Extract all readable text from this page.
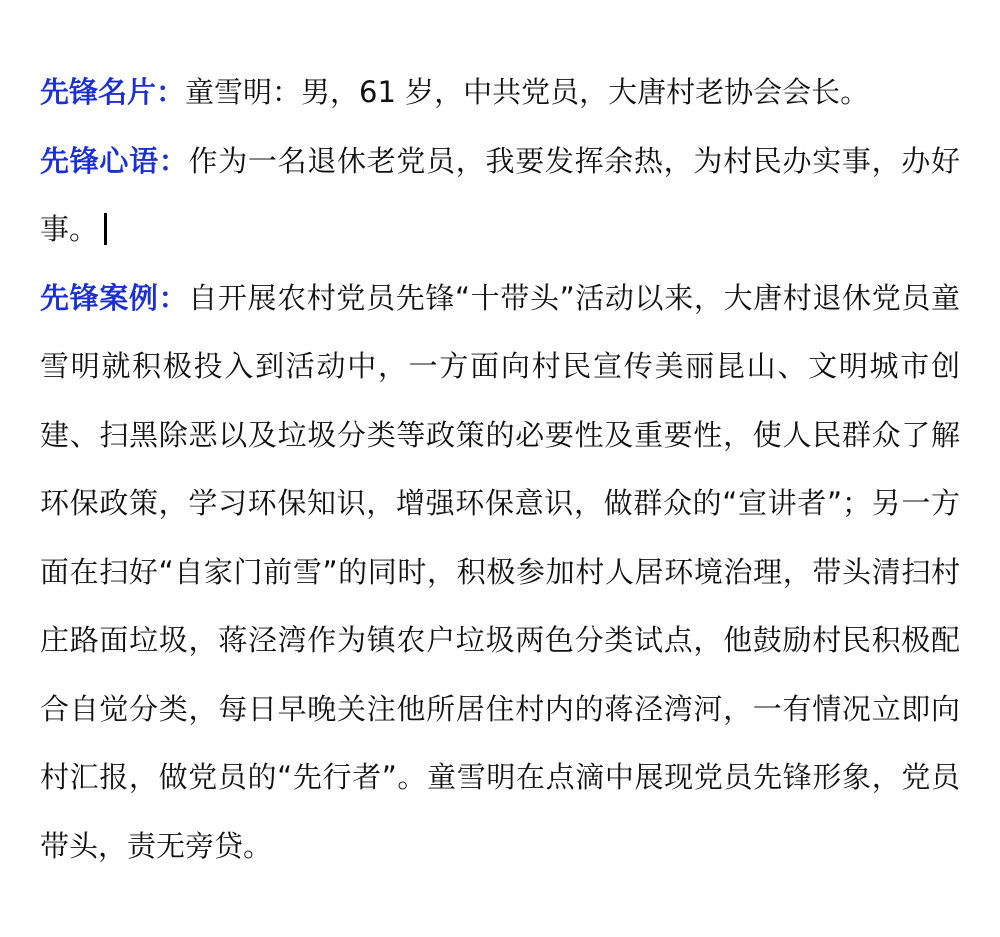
先锋名片：童雪明：男，61 岁，中共党员，大唐村老协会会长。

先锋心语：作为一名退休老党员，我要发挥余热，为村民办实事，办好事。

先锋案例：自开展农村党员先锋“十带头”活动以来，大唐村退休党员童雪明就积极投入到活动中，一方面向村民宣传美丽昆山、文明城市创建、扫黑除恶以及垃圾分类等政策的必要性及重要性，使人民群众了解环保政策，学习环保知识，增强环保意识，做群众的“宣讲者”；另一方面在扫好“自家门前雪”的同时，积极参加村人居环境治理，带头清扫村庄路面垃圾，蒋泾湾作为镇农户垃圾两色分类试点，他鼓励村民积极配合自觉分类，每日早晚关注他所居住村内的蒋泾湾河，一有情况立即向村汇报，做党员的“先行者”。童雪明在点滴中展现党员先锋形象，党员带头，责无旁贷。
